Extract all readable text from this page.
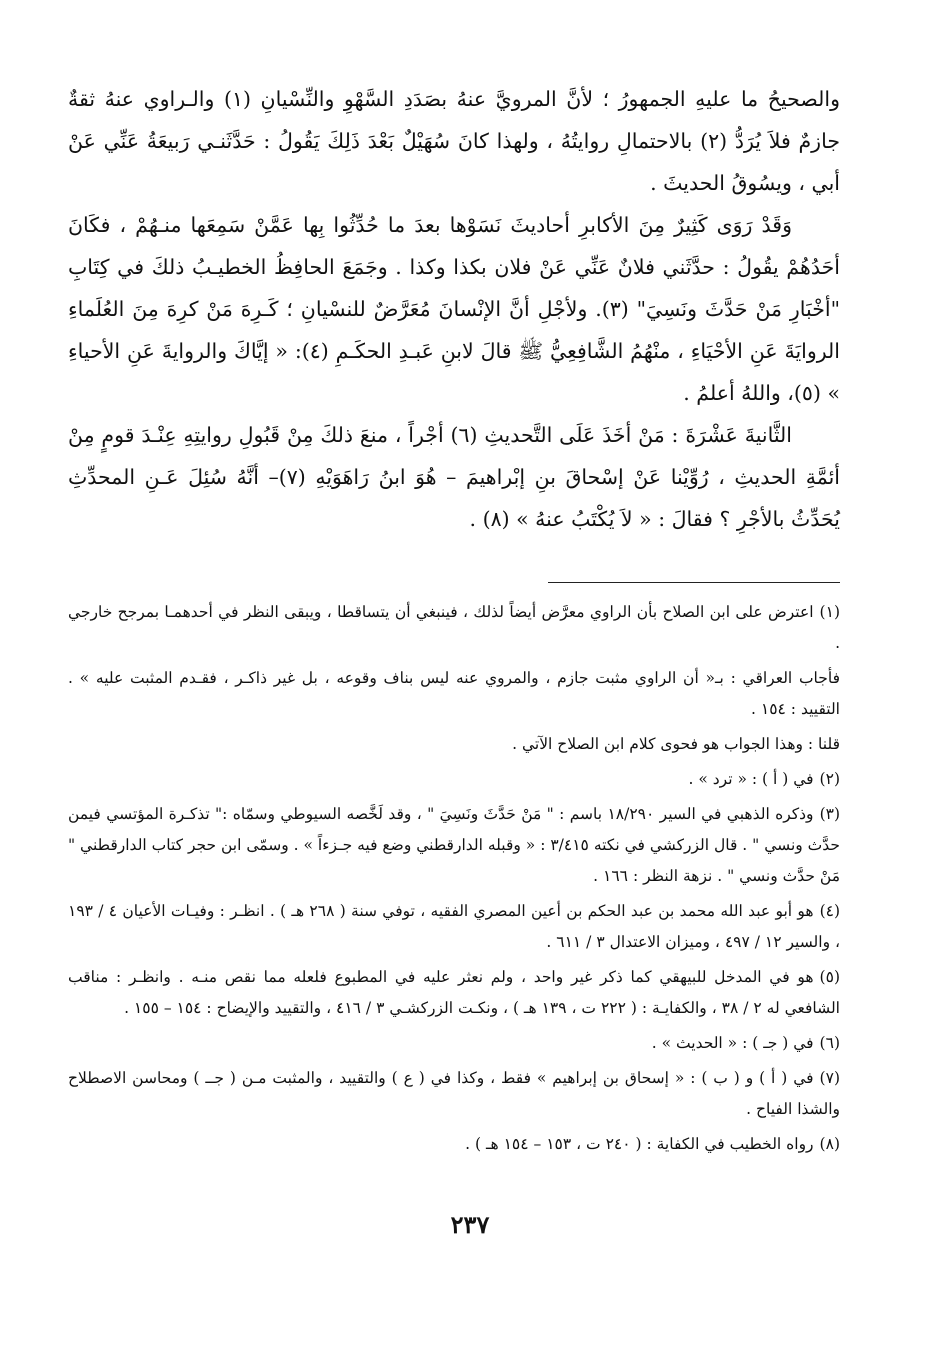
والصحيحُ ما عليهِ الجمهورُ ؛ لأنَّ المرويَّ عنهُ بصَدَدِ السَّهْوِ والنِّسْيانِ (١) والـراوي عنهُ ثقةٌ جازمٌ فلاَ يُرَدُّ (٢) بالاحتمالِ روايتُهُ ، ولهذا كانَ سُهَيْلٌ بَعْدَ ذَلِكَ يَقُولُ : حَدَّثَنـي رَبيعَةُ عَنِّي عَنْ أبي ، ويسُوقُ الحديثَ .

وَقَدْ رَوَى كَثِيرٌ مِنَ الأكابرِ أحاديثَ نَسَوْها بعدَ ما حُدِّثُوا بِها عَمَّنْ سَمِعَها منـهُمْ ، فكَانَ أحَدُهُمْ يقُولُ : حدَّثَني فلانٌ عَنِّي عَنْ فلان بكذا وكذا . وجَمَعَ الحافِظُ الخطيـبُ ذلكَ في كِتَابِ "أخْبَارِ مَنْ حَدَّثَ ونَسِيَ" (٣). ولأجْلِ أنَّ الإنْسانَ مُعَرَّضٌ للنسْيانِ ؛ كَـرِهَ مَنْ كرِهَ مِنَ العُلَماءِ الروايَةَ عَنِ الأحْيَاءِ ، منْهُمُ الشَّافِعِيُّ ﷺ قالَ لابنِ عَبـدِ الحكَـمِ (٤): « إيَّاكَ والروايةَ عَنِ الأحياءِ » (٥)، واللهُ أعلمُ .

الثَّانيةَ عَشْرَةَ : مَنْ أخَذَ عَلَى التَّحديثِ (٦) أجْراً ، منعَ ذلكَ مِنْ قَبُولِ روايتِهِ عِنْـدَ قومٍ مِنْ أئمَّةِ الحديثِ ، رُوِّيْنا عَنْ إسْحاقَ بنِ إبْراهيمَ – هُوَ ابنُ رَاهَوَيْهِ (٧)– أنَّهُ سُئِلَ عَـنِ المحدِّثِ يُحَدِّثُ بالأجْرِ ؟ فقالَ : « لاَ يُكْتَبُ عنهُ » (٨) .

(١)اعترض على ابن الصلاح بأن الراوي معرَّض أيضاً لذلك ، فينبغي أن يتساقطا ، ويبقى النظر في أحدهمـا بمرجح خارجي .
فأجاب العراقي : بـ« أن الراوي مثبت جازم ، والمروي عنه ليس بناف وقوعه ، بل غير ذاكـر ، فقـدم المثبت عليه » . التقييد : ١٥٤ .
قلنا : وهذا الجواب هو فحوى كلام ابن الصلاح الآتي .
(٢)في ( أ ) : « ترد » .
(٣)وذكره الذهبي في السير ١٨/٢٩٠ باسم : " مَنْ حَدَّثَ ونَسِيَ " ، وقد لَخَّصه السيوطي وسمّاه :" تذكـرة المؤتسي فيمن حدَّث ونسي " . قال الزركشي في نكته ٣/٤١٥ : « وقبله الدارقطني وضع فيه جـزءاً » . وسمّى ابن حجر كتاب الدارقطني " مَنْ حدَّث ونسي " . نزهة النظر : ١٦٦ .
(٤)هو أبو عبد الله محمد بن عبد الحكم بن أعين المصري الفقيه ، توفي سنة ( ٢٦٨ هـ ) . انظـر : وفيـات الأعيان ٤ / ١٩٣ ، والسير ١٢ / ٤٩٧ ، وميزان الاعتدال ٣ / ٦١١ .
(٥)هو في المدخل للبيهقي كما ذكر غير واحد ، ولم نعثر عليه في المطبوع فلعله مما نقص منـه . وانظـر : مناقب الشافعي له ٢ / ٣٨ ، والكفايـة : ( ٢٢٢ ت ، ١٣٩ هـ ) ، ونكـت الزركشـي ٣ / ٤١٦ ، والتقييد والإيضاح : ١٥٤ – ١٥٥ .
(٦)في ( جـ ) : « الحديث » .
(٧)في ( أ ) و ( ب ) : « إسحاق بن إبراهيم » فقط ، وكذا في ( ع ) والتقييد ، والمثبت مـن ( جــ ) ومحاسن الاصطلاح والشذا الفياح .
(٨)رواه الخطيب في الكفاية : ( ٢٤٠ ت ، ١٥٣ – ١٥٤ هـ ) .
٢٣٧
